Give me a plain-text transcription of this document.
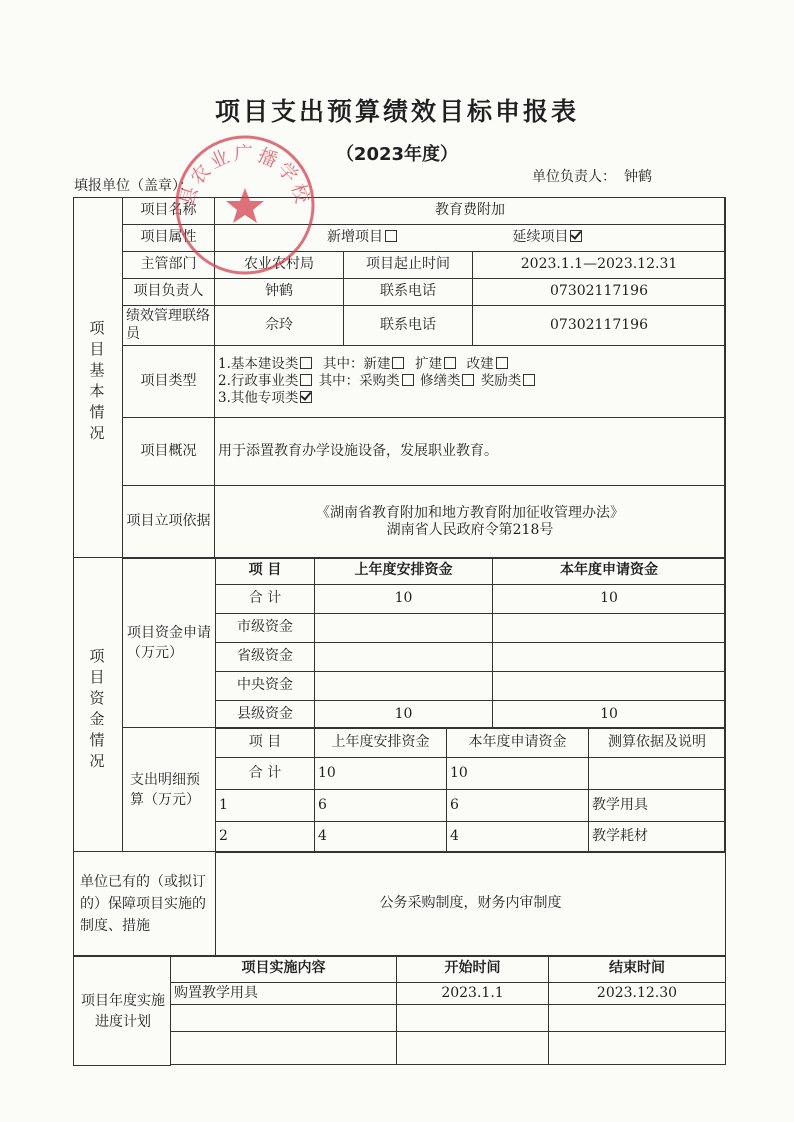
项目支出预算绩效目标申报表
（2023年度）
填报单位（盖章）：
单位负责人： 钟鹤
项目基本情况
项目名称	教育费附加		
项目属性	新增项目 延续项目		
主管部门	农业农村局	项目起止时间	2023.1.1—2023.12.31
项目负责人	钟鹤	联系电话	07302117196
绩效管理联络员	佘玲	联系电话	07302117196
项目类型	1.基本建设类 其中：新建 扩建 改建
2.行政事业类 其中：采购类 修缮类 奖励类
3.其他专项类		

项目概况	用于添置教育办学设施设备，发展职业教育。		
项目立项依据	《湖南省教育附加和地方教育附加征收管理办法》
湖南省人民政府令第218号		
项目资金情况
项目资金申请（万元）
项 目	上年度安排资金	本年度申请资金
合 计	10	10
市级资金		
省级资金		
中央资金		
县级资金	10	10
支出明细预算（万元）
项 目	上年度安排资金	本年度申请资金	测算依据及说明
合 计	10	10	
1	6	6	教学用具
2	4	4	教学耗材
单位已有的（或拟订的）保障项目实施的制度、措施	公务采购制度，财务内审制度
项目年度实施进度计划
项目实施内容	开始时间	结束时间
购置教学用具	2023.1.1	2023.12.30

县农业广播学校
